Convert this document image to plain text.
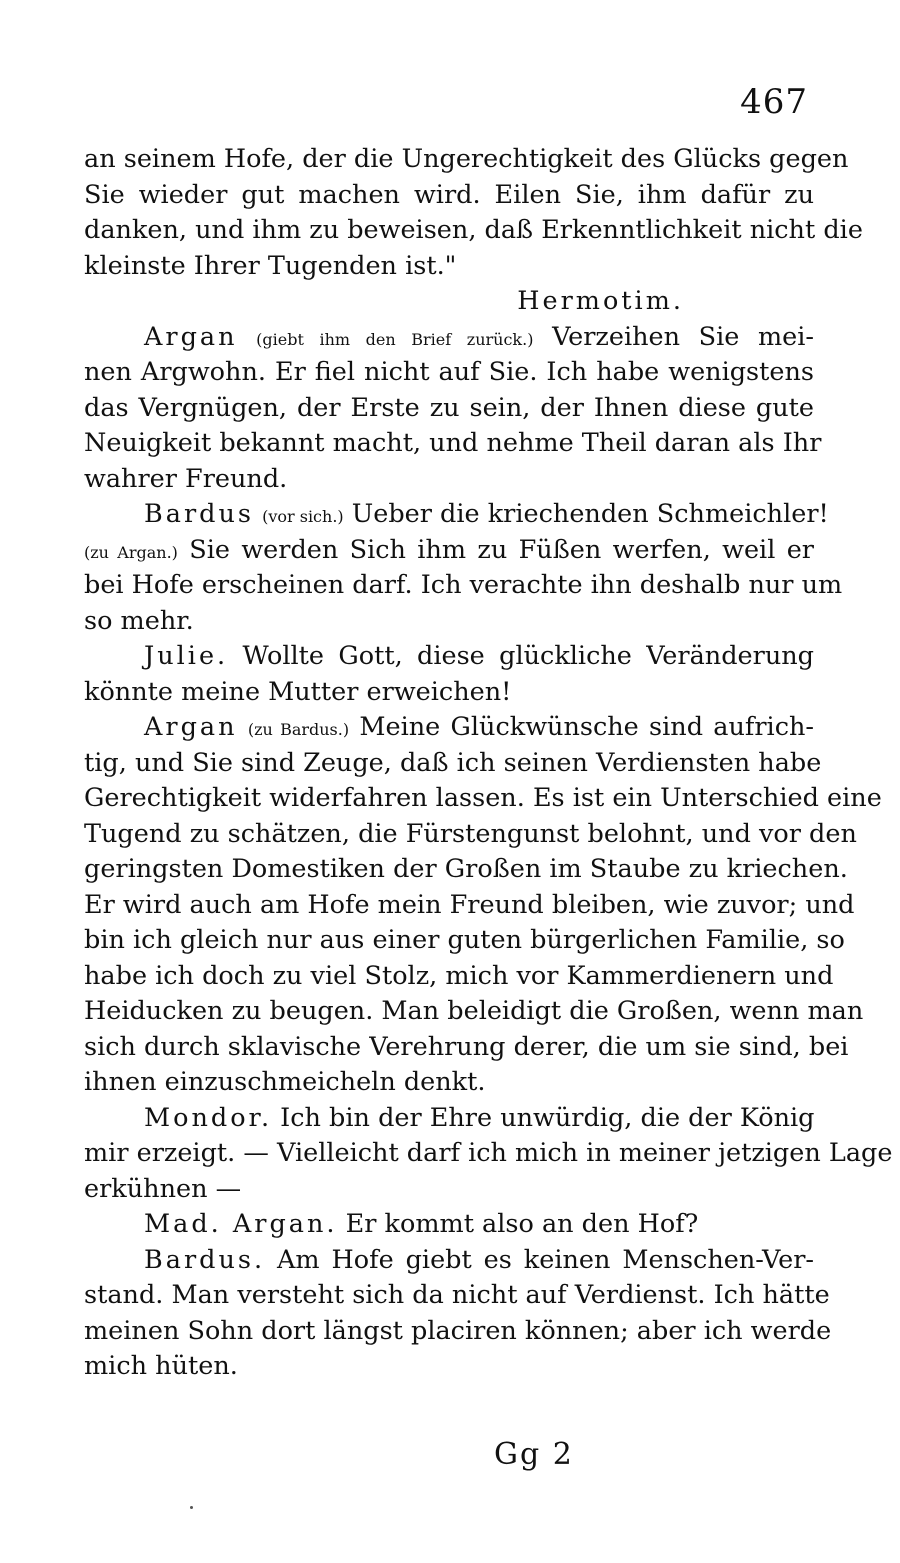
467
an seinem Hofe, der die Ungerechtigkeit des Glücks gegen
Sie wieder gut machen wird. Eilen Sie, ihm dafür zu
danken, und ihm zu beweisen, daß Erkenntlichkeit nicht die
kleinste Ihrer Tugenden ist."
Hermotim.
Argan (giebt ihm den Brief zurück.) Verzeihen Sie mei-
nen Argwohn. Er fiel nicht auf Sie. Ich habe wenigstens
das Vergnügen, der Erste zu sein, der Ihnen diese gute
Neuigkeit bekannt macht, und nehme Theil daran als Ihr
wahrer Freund.
Bardus (vor sich.) Ueber die kriechenden Schmeichler!
(zu Argan.) Sie werden Sich ihm zu Füßen werfen, weil er
bei Hofe erscheinen darf. Ich verachte ihn deshalb nur um
so mehr.
Julie. Wollte Gott, diese glückliche Veränderung
könnte meine Mutter erweichen!
Argan (zu Bardus.) Meine Glückwünsche sind aufrich-
tig, und Sie sind Zeuge, daß ich seinen Verdiensten habe
Gerechtigkeit widerfahren lassen. Es ist ein Unterschied eine
Tugend zu schätzen, die Fürstengunst belohnt, und vor den
geringsten Domestiken der Großen im Staube zu kriechen.
Er wird auch am Hofe mein Freund bleiben, wie zuvor; und
bin ich gleich nur aus einer guten bürgerlichen Familie, so
habe ich doch zu viel Stolz, mich vor Kammerdienern und
Heiducken zu beugen. Man beleidigt die Großen, wenn man
sich durch sklavische Verehrung derer, die um sie sind, bei
ihnen einzuschmeicheln denkt.
Mondor. Ich bin der Ehre unwürdig, die der König
mir erzeigt. — Vielleicht darf ich mich in meiner jetzigen Lage
erkühnen —
Mad. Argan. Er kommt also an den Hof?
Bardus. Am Hofe giebt es keinen Menschen-Ver-
stand. Man versteht sich da nicht auf Verdienst. Ich hätte
meinen Sohn dort längst placiren können; aber ich werde
mich hüten.
Gg 2
